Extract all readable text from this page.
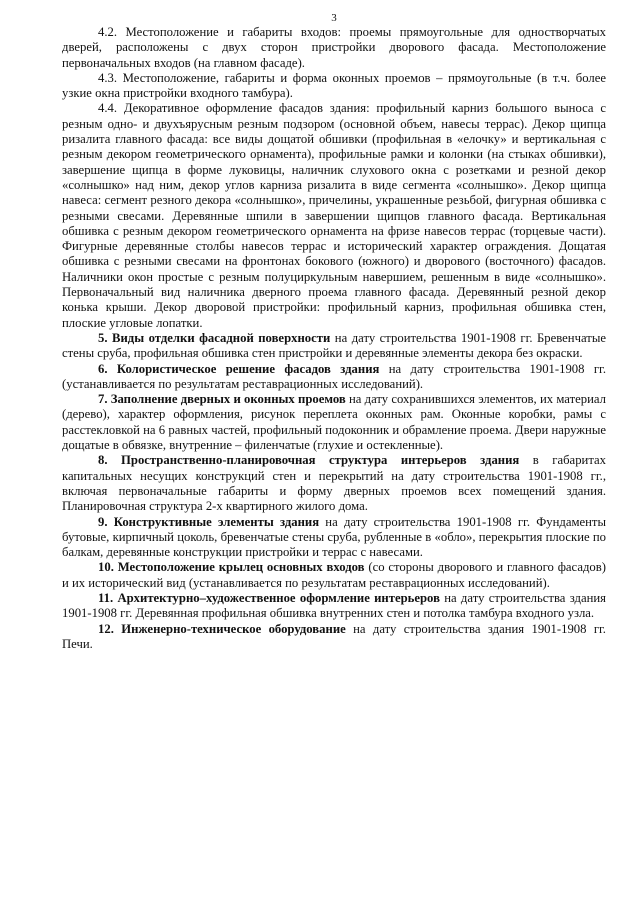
3

4.2. Местоположение и габариты входов: проемы прямоугольные для одностворчатых дверей, расположены с двух сторон пристройки дворового фасада. Местоположение первоначальных входов (на главном фасаде).

4.3. Местоположение, габариты и форма оконных проемов – прямоугольные (в т.ч. более узкие окна пристройки входного тамбура).

4.4. Декоративное оформление фасадов здания: профильный карниз большого выноса с резным одно- и двухъярусным резным подзором (основной объем, навесы террас). Декор щипца ризалита главного фасада: все виды дощатой обшивки (профильная в «елочку» и вертикальная с резным декором геометрического орнамента), профильные рамки и колонки (на стыках обшивки), завершение щипца в форме луковицы, наличник слухового окна с розетками и резной декор «солнышко» над ним, декор углов карниза ризалита в виде сегмента «солнышко». Декор щипца навеса: сегмент резного декора «солнышко», причелины, украшенные резьбой, фигурная обшивка с резными свесами. Деревянные шпили в завершении щипцов главного фасада. Вертикальная обшивка с резным декором геометрического орнамента на фризе навесов террас (торцевые части). Фигурные деревянные столбы навесов террас и исторический характер ограждения. Дощатая обшивка с резными свесами на фронтонах бокового (южного) и дворового (восточного) фасадов. Наличники окон простые с резным полуциркульным навершием, решенным в виде «солнышко». Первоначальный вид наличника дверного проема главного фасада. Деревянный резной декор конька крыши. Декор дворовой пристройки: профильный карниз, профильная обшивка стен, плоские угловые лопатки.

5. Виды отделки фасадной поверхности на дату строительства 1901-1908 гг. Бревенчатые стены сруба, профильная обшивка стен пристройки и деревянные элементы декора без окраски.

6. Колористическое решение фасадов здания на дату строительства 1901-1908 гг. (устанавливается по результатам реставрационных исследований).

7. Заполнение дверных и оконных проемов на дату сохранившихся элементов, их материал (дерево), характер оформления, рисунок переплета оконных рам. Оконные коробки, рамы с расстекловкой на 6 равных частей, профильный подоконник и обрамление проема. Двери наружные дощатые в обвязке, внутренние – филенчатые (глухие и остекленные).

8. Пространственно-планировочная структура интерьеров здания в габаритах капитальных несущих конструкций стен и перекрытий на дату строительства 1901-1908 гг., включая первоначальные габариты и форму дверных проемов всех помещений здания. Планировочная структура 2-х квартирного жилого дома.

9. Конструктивные элементы здания на дату строительства 1901-1908 гг. Фундаменты бутовые, кирпичный цоколь, бревенчатые стены сруба, рубленные в «обло», перекрытия плоские по балкам, деревянные конструкции пристройки и террас с навесами.

10. Местоположение крылец основных входов (со стороны дворового и главного фасадов) и их исторический вид (устанавливается по результатам реставрационных исследований).

11. Архитектурно–художественное оформление интерьеров на дату строительства здания 1901-1908 гг. Деревянная профильная обшивка внутренних стен и потолка тамбура входного узла.

12. Инженерно-техническое оборудование на дату строительства здания 1901-1908 гг. Печи.
